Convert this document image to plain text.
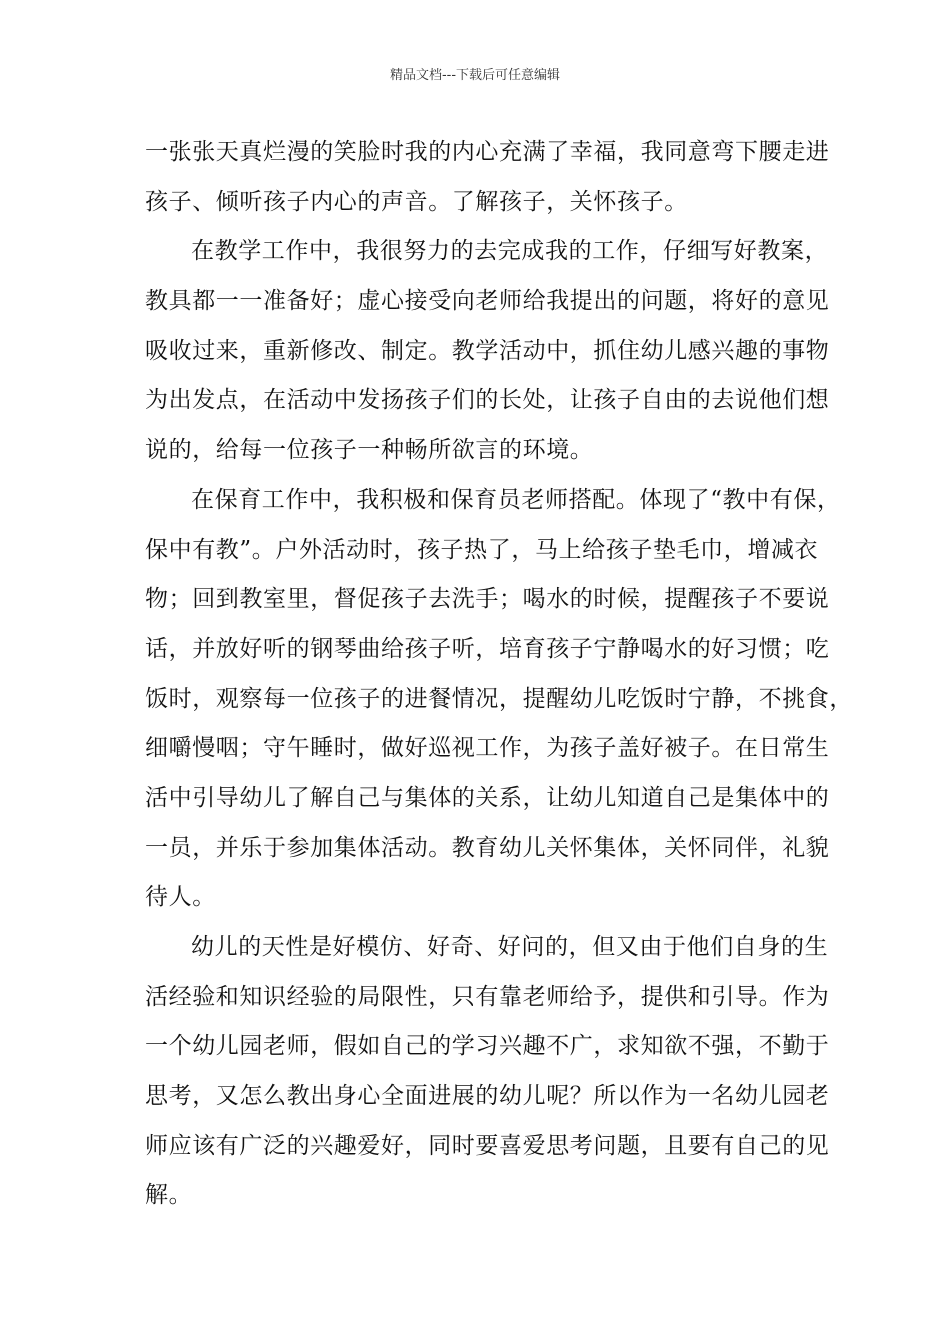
精品文档---下载后可任意编辑
一张张天真烂漫的笑脸时我的内心充满了幸福，我同意弯下腰走进
孩子、倾听孩子内心的声音。了解孩子，关怀孩子。
在教学工作中，我很努力的去完成我的工作，仔细写好教案，
教具都一一准备好；虚心接受向老师给我提出的问题，将好的意见
吸收过来，重新修改、制定。教学活动中，抓住幼儿感兴趣的事物
为出发点，在活动中发扬孩子们的长处，让孩子自由的去说他们想
说的，给每一位孩子一种畅所欲言的环境。
在保育工作中，我积极和保育员老师搭配。体现了“教中有保，
保中有教”。户外活动时，孩子热了，马上给孩子垫毛巾，增减衣
物；回到教室里，督促孩子去洗手；喝水的时候，提醒孩子不要说
话，并放好听的钢琴曲给孩子听，培育孩子宁静喝水的好习惯；吃
饭时，观察每一位孩子的进餐情况，提醒幼儿吃饭时宁静，不挑食，
细嚼慢咽；守午睡时，做好巡视工作，为孩子盖好被子。在日常生
活中引导幼儿了解自己与集体的关系，让幼儿知道自己是集体中的
一员，并乐于参加集体活动。教育幼儿关怀集体，关怀同伴，礼貌
待人。
幼儿的天性是好模仿、好奇、好问的，但又由于他们自身的生
活经验和知识经验的局限性，只有靠老师给予，提供和引导。作为
一个幼儿园老师，假如自己的学习兴趣不广，求知欲不强，不勤于
思考，又怎么教出身心全面进展的幼儿呢？所以作为一名幼儿园老
师应该有广泛的兴趣爱好，同时要喜爱思考问题，且要有自己的见
解。
